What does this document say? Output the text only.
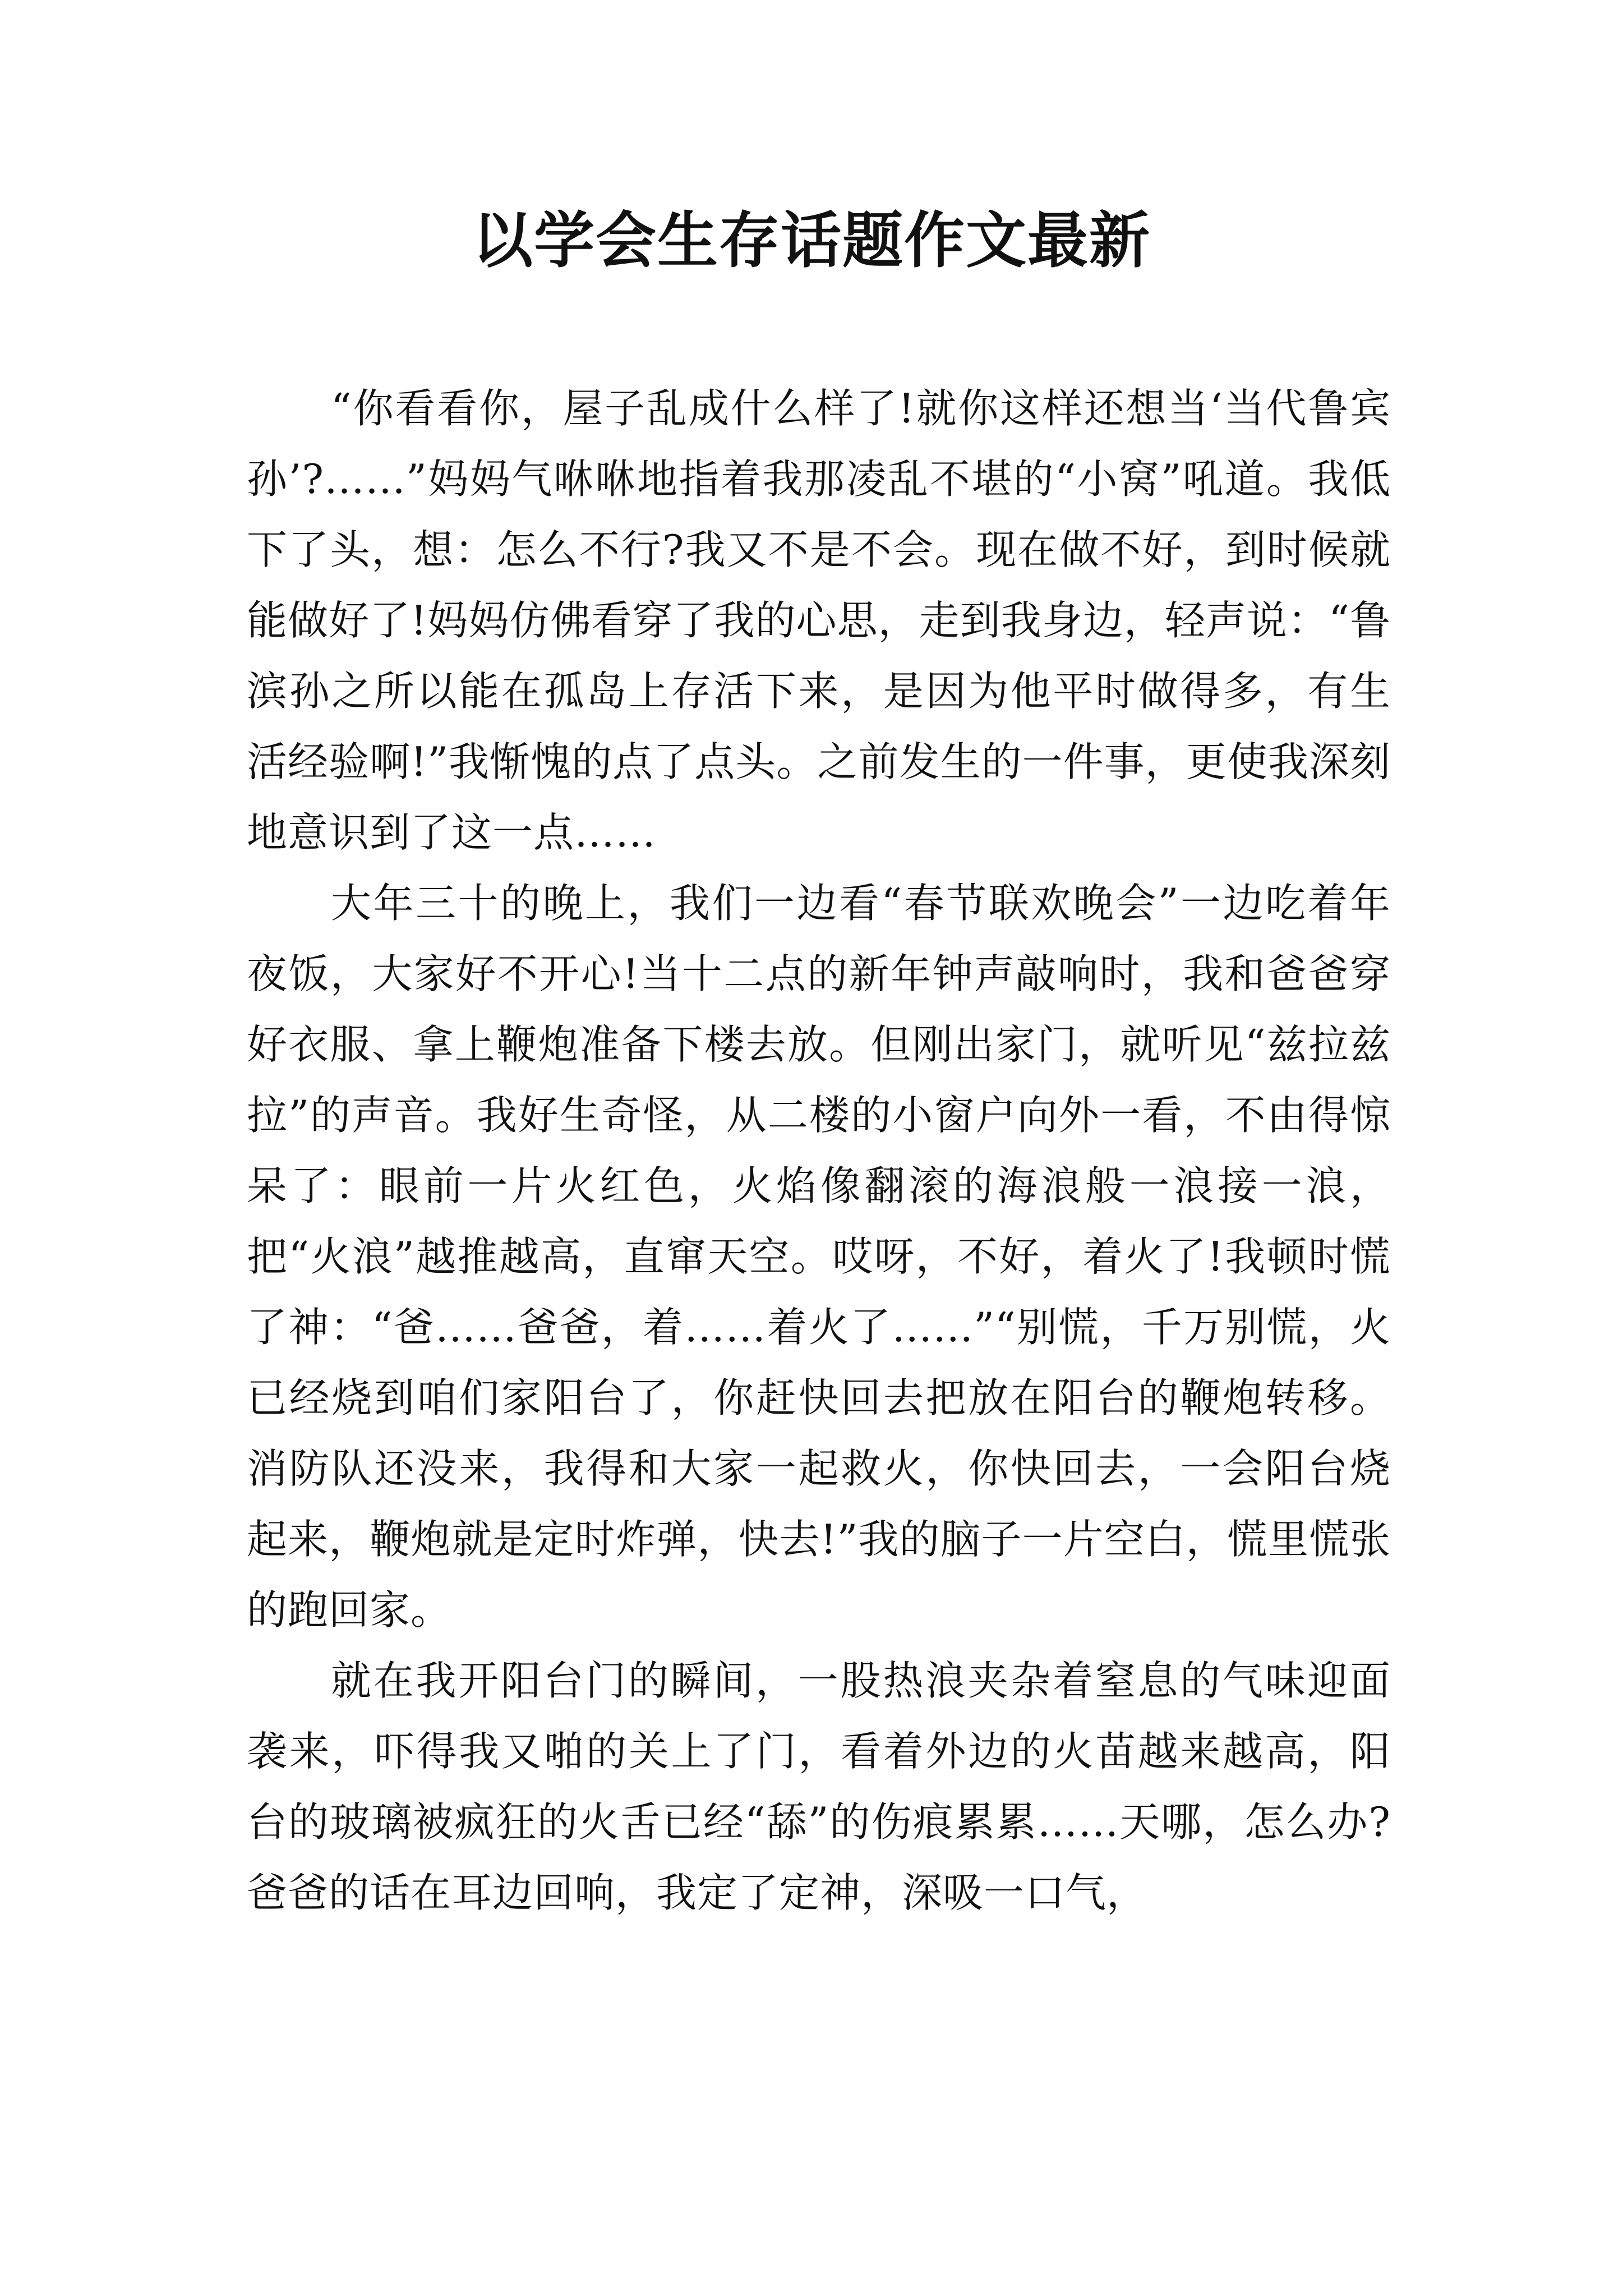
以学会生存话题作文最新

“你看看你，屋子乱成什么样了!就你这样还想当‘当代鲁宾孙’?……”妈妈气咻咻地指着我那凌乱不堪的“小窝”吼道。我低下了头，想：怎么不行?我又不是不会。现在做不好，到时候就能做好了!妈妈仿佛看穿了我的心思，走到我身边，轻声说：“鲁滨孙之所以能在孤岛上存活下来，是因为他平时做得多，有生活经验啊!”我惭愧的点了点头。之前发生的一件事，更使我深刻地意识到了这一点……

大年三十的晚上，我们一边看“春节联欢晚会”一边吃着年夜饭，大家好不开心!当十二点的新年钟声敲响时，我和爸爸穿好衣服、拿上鞭炮准备下楼去放。但刚出家门，就听见“兹拉兹拉”的声音。我好生奇怪，从二楼的小窗户向外一看，不由得惊呆了：眼前一片火红色，火焰像翻滚的海浪般一浪接一浪，把“火浪”越推越高，直窜天空。哎呀，不好，着火了!我顿时慌了神：“爸……爸爸，着……着火了……”“别慌，千万别慌，火已经烧到咱们家阳台了，你赶快回去把放在阳台的鞭炮转移。消防队还没来，我得和大家一起救火，你快回去，一会阳台烧起来，鞭炮就是定时炸弹，快去!”我的脑子一片空白，慌里慌张的跑回家。

就在我开阳台门的瞬间，一股热浪夹杂着窒息的气味迎面袭来，吓得我又啪的关上了门，看着外边的火苗越来越高，阳台的玻璃被疯狂的火舌已经“舔”的伤痕累累……天哪，怎么办?爸爸的话在耳边回响，我定了定神，深吸一口气，
